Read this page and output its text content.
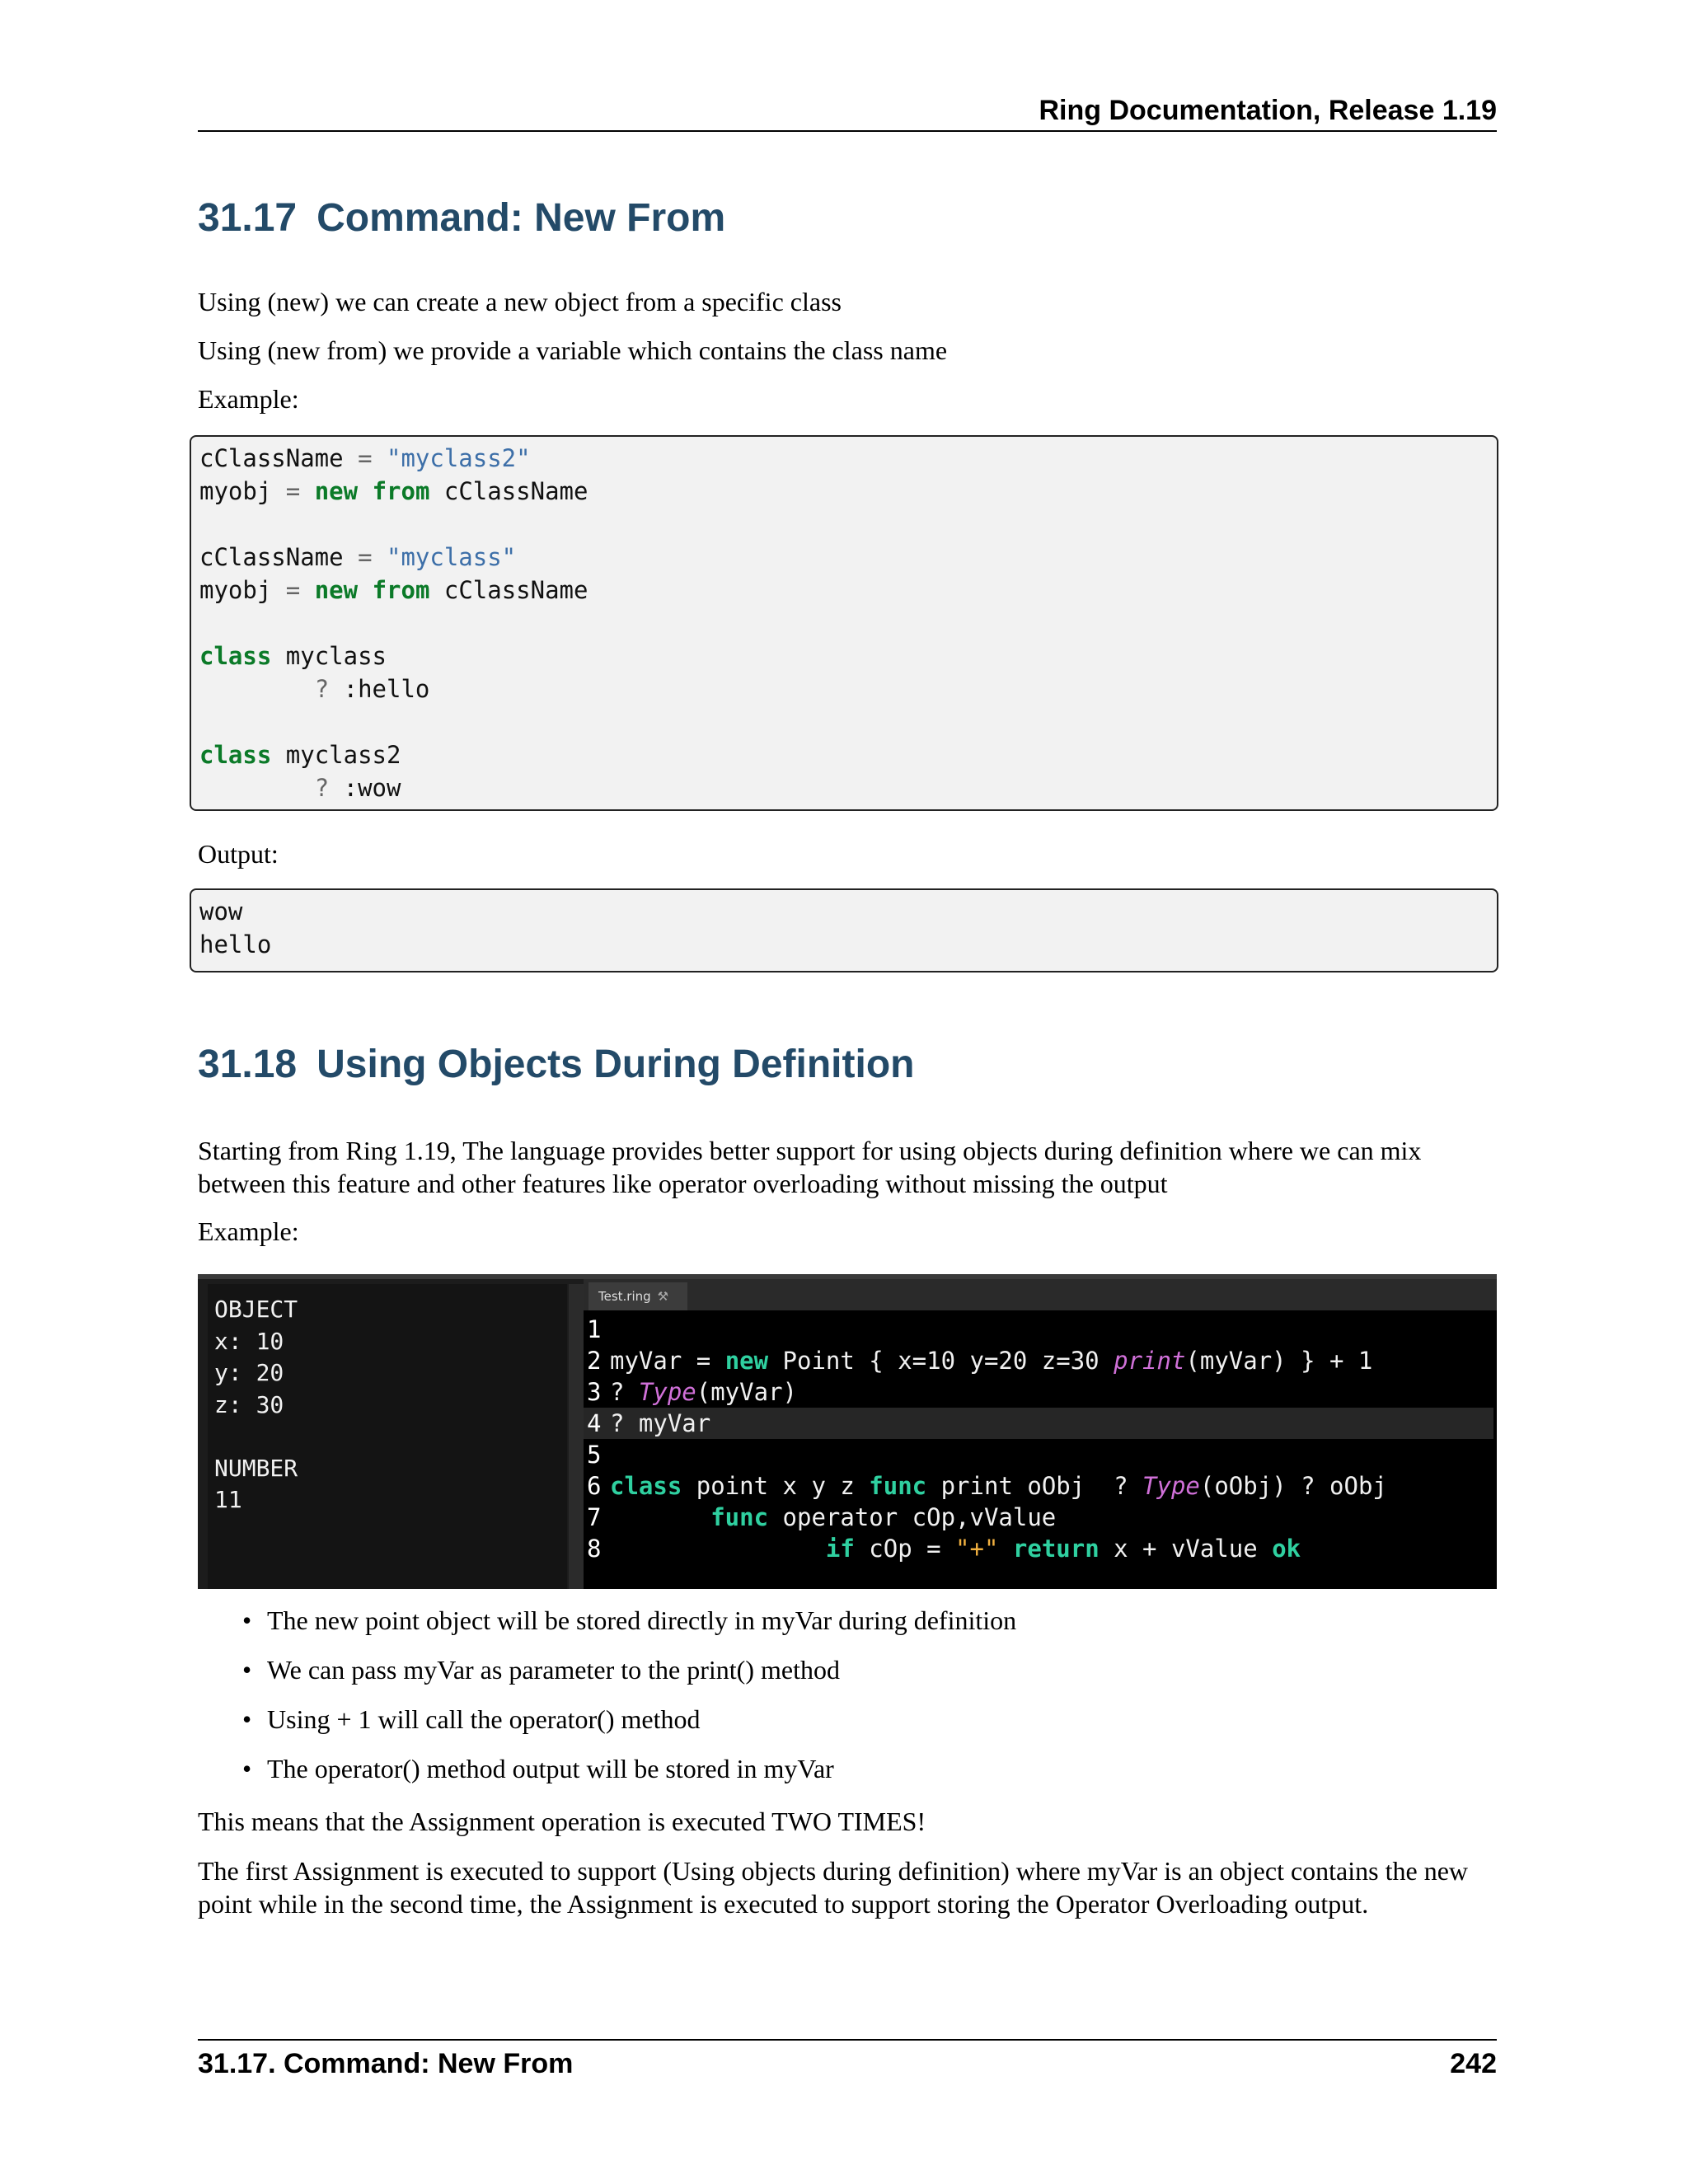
Ring Documentation, Release 1.19
31.17 Command: New From

Using (new) we can create a new object from a specific class

Using (new from) we provide a variable which contains the class name

Example:

cClassName = "myclass2"
myobj = new from cClassName
cClassName = "myclass"
myobj = new from cClassName
class myclass
? :hello
class myclass2
? :wow

Output:

wow
hello
31.18 Using Objects During Definition

Starting from Ring 1.19, The language provides better support for using objects during definition where we can mix between this feature and other features like operator overloading without missing the output

Example:

OBJECT
x: 10
y: 20
z: 30
NUMBER
11
Test.ring ⚒
1
2 myVar = new Point { x=10 y=20 z=30 print(myVar) } + 1
3 ? Type(myVar)
4 ? myVar
5
6 class point x y z func print oObj  ? Type(oObj) ? oObj
7	func operator cOp,vValue
8	if cOp = "+" return x + vValue ok
• The new point object will be stored directly in myVar during definition
• We can pass myVar as parameter to the print() method
• Using + 1 will call the operator() method
• The operator() method output will be stored in myVar

This means that the Assignment operation is executed TWO TIMES!

The first Assignment is executed to support (Using objects during definition) where myVar is an object contains the new point while in the second time, the Assignment is executed to support storing the Operator Overloading output.

31.17. Command: New From	242
